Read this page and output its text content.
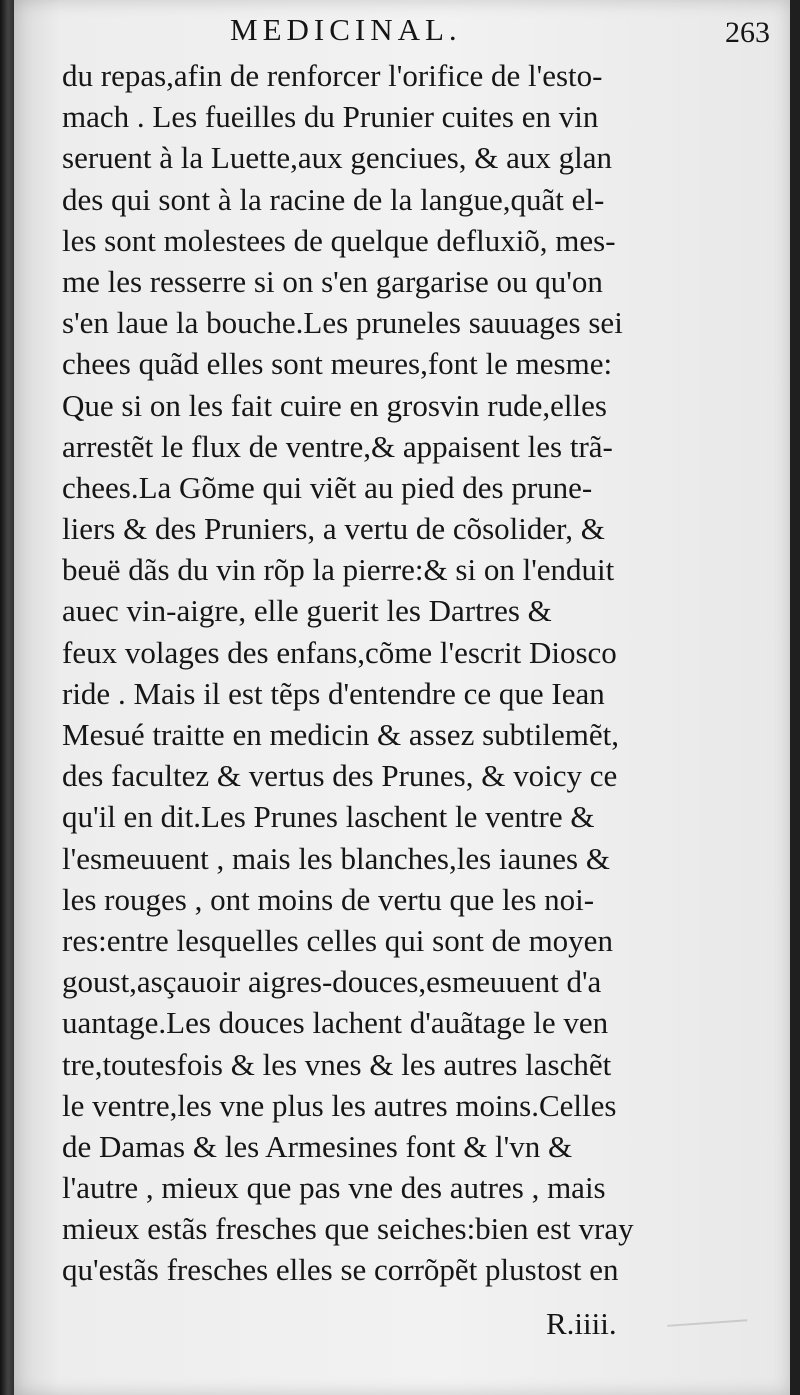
MEDICINAL.	263
du repas,afin de renforcer l'orifice de l'esto-
mach . Les fueilles du Prunier cuites en vin
seruent à la Luette,aux genciues, & aux glan
des qui sont à la racine de la langue,quãt el-
les sont molestees de quelque defluxiõ, mes-
me les resserre si on s'en gargarise ou qu'on
s'en laue la bouche.Les pruneles sauuages sei
chees quãd elles sont meures,font le mesme:
Que si on les fait cuire en grosvin rude,elles
arrestẽt le flux de ventre,& appaisent les trã-
chees.La Gõme qui viẽt au pied des prune-
liers & des Pruniers, a vertu de cõsolider, &
beuë dãs du vin rõp la pierre:& si on l'enduit
auec vin-aigre, elle guerit les Dartres &
feux volages des enfans,cõme l'escrit Diosco
ride . Mais il est tẽps d'entendre ce que Iean
Mesué traitte en medicin & assez subtilemẽt,
des facultez & vertus des Prunes, & voicy ce
qu'il en dit.Les Prunes laschent le ventre &
l'esmeuuent , mais les blanches,les iaunes &
les rouges , ont moins de vertu que les noi-
res:entre lesquelles celles qui sont de moyen
goust,asçauoir aigres-douces,esmeuuent d'a
uantage.Les douces lachent d'auãtage le ven
tre,toutesfois & les vnes & les autres laschẽt
le ventre,les vne plus les autres moins.Celles
de Damas & les Armesines font & l'vn &
l'autre , mieux que pas vne des autres , mais
mieux estãs fresches que seiches:bien est vray
qu'estãs fresches elles se corrõpẽt plustost en
R.iiii.
